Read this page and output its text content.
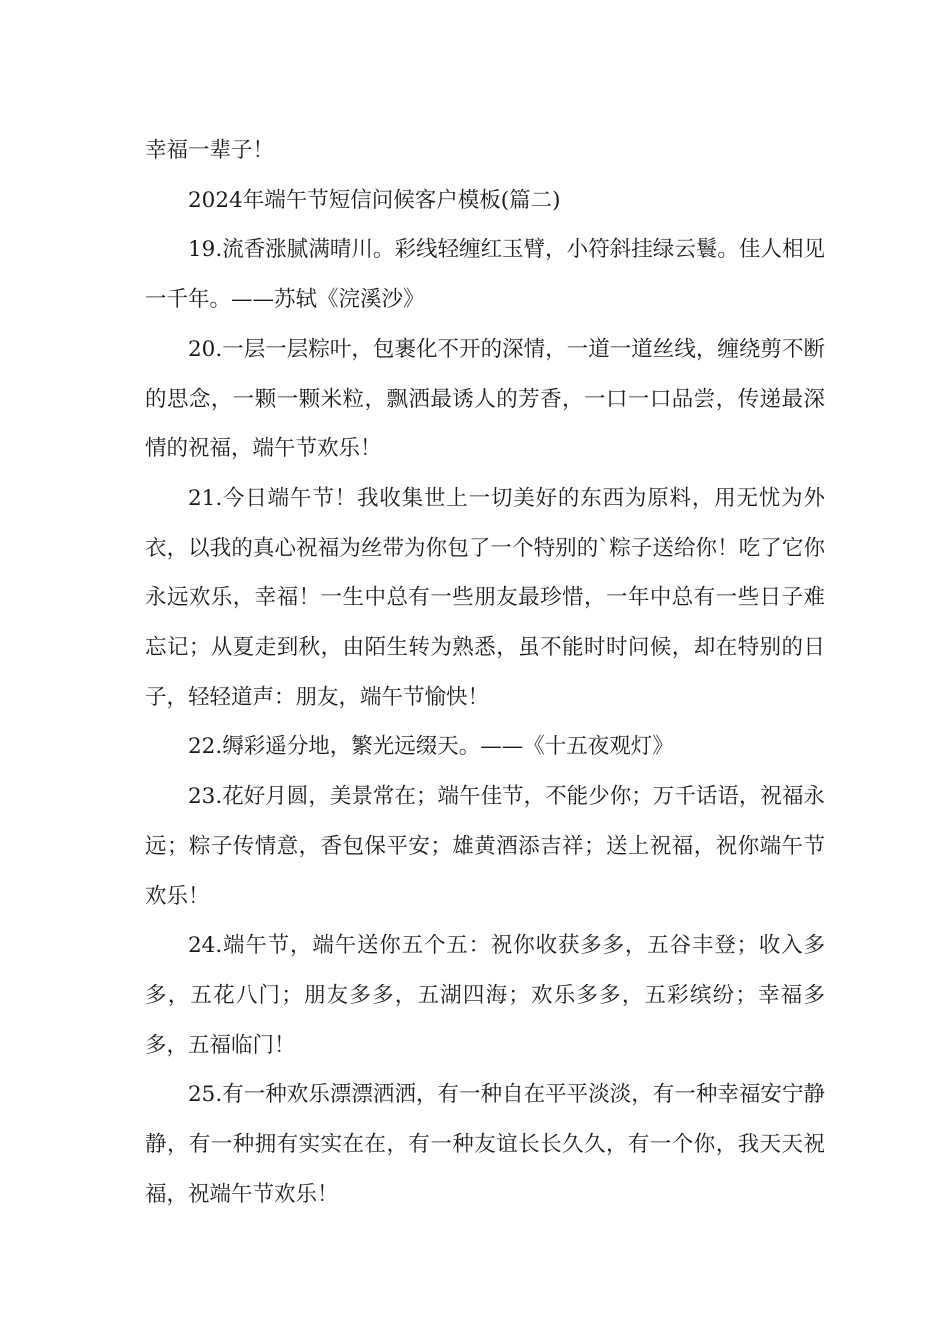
幸福一辈子！

2024年端午节短信问候客户模板(篇二)

19.流香涨腻满晴川。彩线轻缠红玉臂，小符斜挂绿云鬟。佳人相见一千年。——苏轼《浣溪沙》

20.一层一层粽叶，包裹化不开的深情，一道一道丝线，缠绕剪不断的思念，一颗一颗米粒，飘洒最诱人的芳香，一口一口品尝，传递最深情的祝福，端午节欢乐！

21.今日端午节！我收集世上一切美好的东西为原料，用无忧为外衣，以我的真心祝福为丝带为你包了一个特别的`粽子送给你！吃了它你永远欢乐，幸福！一生中总有一些朋友最珍惜，一年中总有一些日子难忘记；从夏走到秋，由陌生转为熟悉，虽不能时时问候，却在特别的日子，轻轻道声：朋友，端午节愉快！

22.缛彩遥分地，繁光远缀天。——《十五夜观灯》

23.花好月圆，美景常在；端午佳节，不能少你；万千话语，祝福永远；粽子传情意，香包保平安；雄黄酒添吉祥；送上祝福，祝你端午节欢乐！

24.端午节，端午送你五个五：祝你收获多多，五谷丰登；收入多多，五花八门；朋友多多，五湖四海；欢乐多多，五彩缤纷；幸福多多，五福临门！

25.有一种欢乐漂漂洒洒，有一种自在平平淡淡，有一种幸福安宁静静，有一种拥有实实在在，有一种友谊长长久久，有一个你，我天天祝福，祝端午节欢乐！
